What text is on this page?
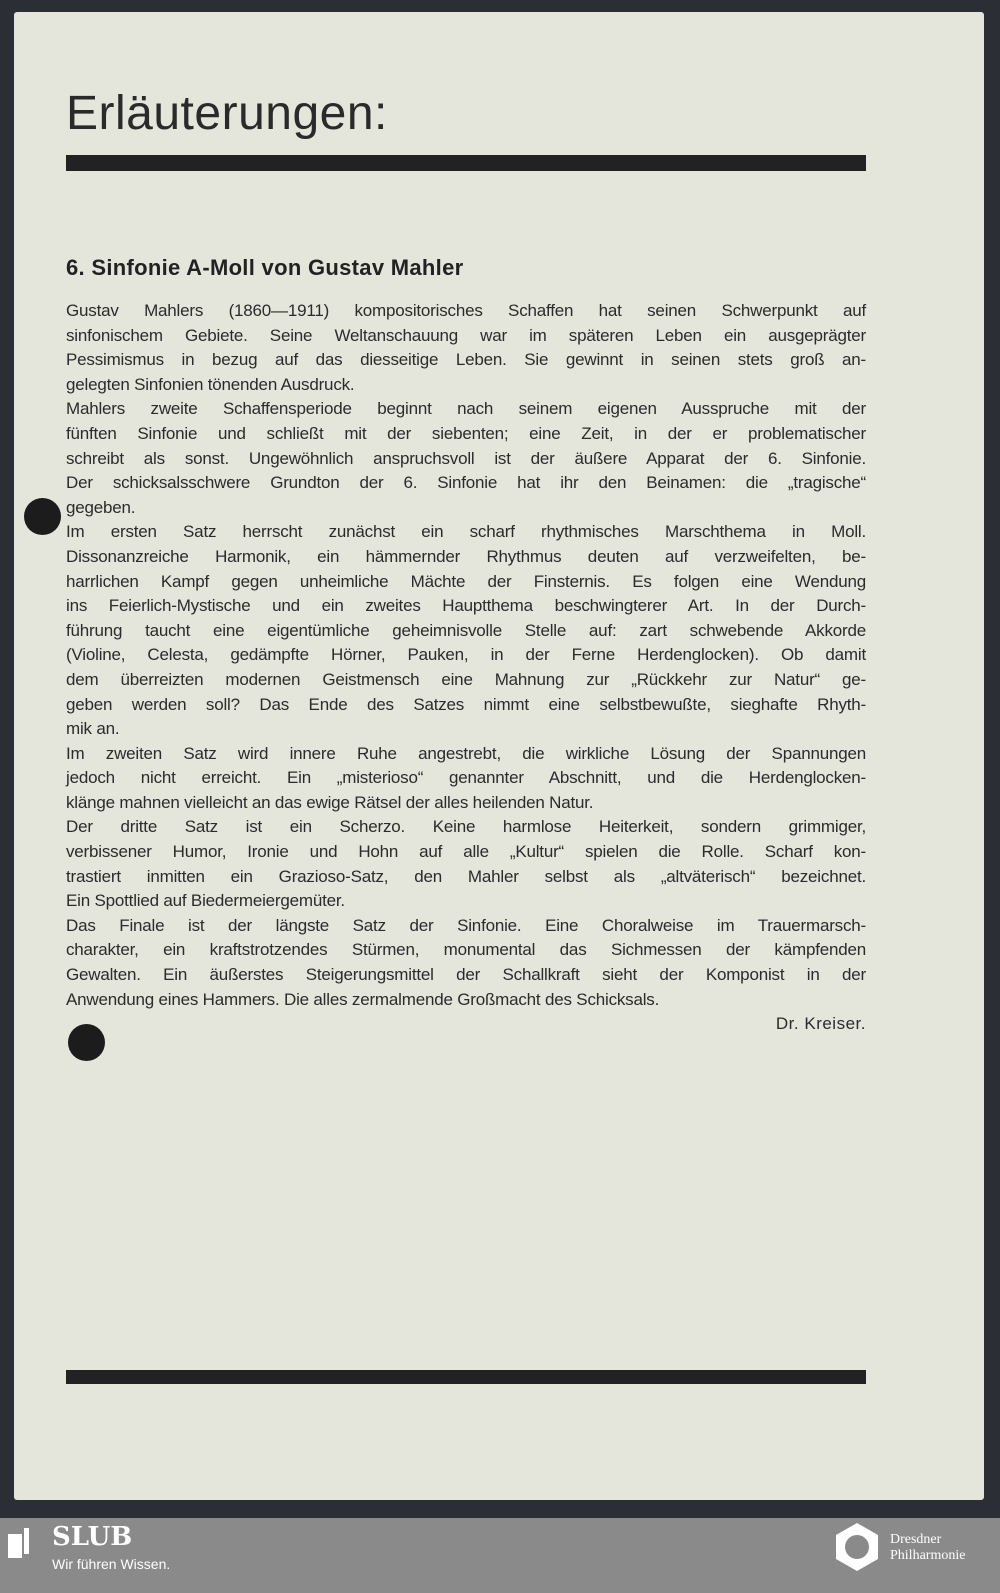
Erläuterungen:
6. Sinfonie A-Moll von Gustav Mahler
Gustav Mahlers (1860—1911) kompositorisches Schaffen hat seinen Schwerpunkt auf
sinfonischem Gebiete. Seine Weltanschauung war im späteren Leben ein ausgeprägter
Pessimismus in bezug auf das diesseitige Leben. Sie gewinnt in seinen stets groß an-
gelegten Sinfonien tönenden Ausdruck.
Mahlers zweite Schaffensperiode beginnt nach seinem eigenen Ausspruche mit der
fünften Sinfonie und schließt mit der siebenten; eine Zeit, in der er problematischer
schreibt als sonst. Ungewöhnlich anspruchsvoll ist der äußere Apparat der 6. Sinfonie.
Der schicksalsschwere Grundton der 6. Sinfonie hat ihr den Beinamen: die „tragische“
gegeben.
Im ersten Satz herrscht zunächst ein scharf rhythmisches Marschthema in Moll.
Dissonanzreiche Harmonik, ein hämmernder Rhythmus deuten auf verzweifelten, be-
harrlichen Kampf gegen unheimliche Mächte der Finsternis. Es folgen eine Wendung
ins Feierlich-Mystische und ein zweites Hauptthema beschwingterer Art. In der Durch-
führung taucht eine eigentümliche geheimnisvolle Stelle auf: zart schwebende Akkorde
(Violine, Celesta, gedämpfte Hörner, Pauken, in der Ferne Herdenglocken). Ob damit
dem überreizten modernen Geistmensch eine Mahnung zur „Rückkehr zur Natur“ ge-
geben werden soll? Das Ende des Satzes nimmt eine selbstbewußte, sieghafte Rhyth-
mik an.
Im zweiten Satz wird innere Ruhe angestrebt, die wirkliche Lösung der Spannungen
jedoch nicht erreicht. Ein „misterioso“ genannter Abschnitt, und die Herdenglocken-
klänge mahnen vielleicht an das ewige Rätsel der alles heilenden Natur.
Der dritte Satz ist ein Scherzo. Keine harmlose Heiterkeit, sondern grimmiger,
verbissener Humor, Ironie und Hohn auf alle „Kultur“ spielen die Rolle. Scharf kon-
trastiert inmitten ein Grazioso-Satz, den Mahler selbst als „altväterisch“ bezeichnet.
Ein Spottlied auf Biedermeiergemüter.
Das Finale ist der längste Satz der Sinfonie. Eine Choralweise im Trauermarsch-
charakter, ein kraftstrotzendes Stürmen, monumental das Sichmessen der kämpfenden
Gewalten. Ein äußerstes Steigerungsmittel der Schallkraft sieht der Komponist in der
Anwendung eines Hammers. Die alles zermalmende Großmacht des Schicksals.
Dr. Kreiser.
SLUB
Wir führen Wissen.
Dresdner
Philharmonie
